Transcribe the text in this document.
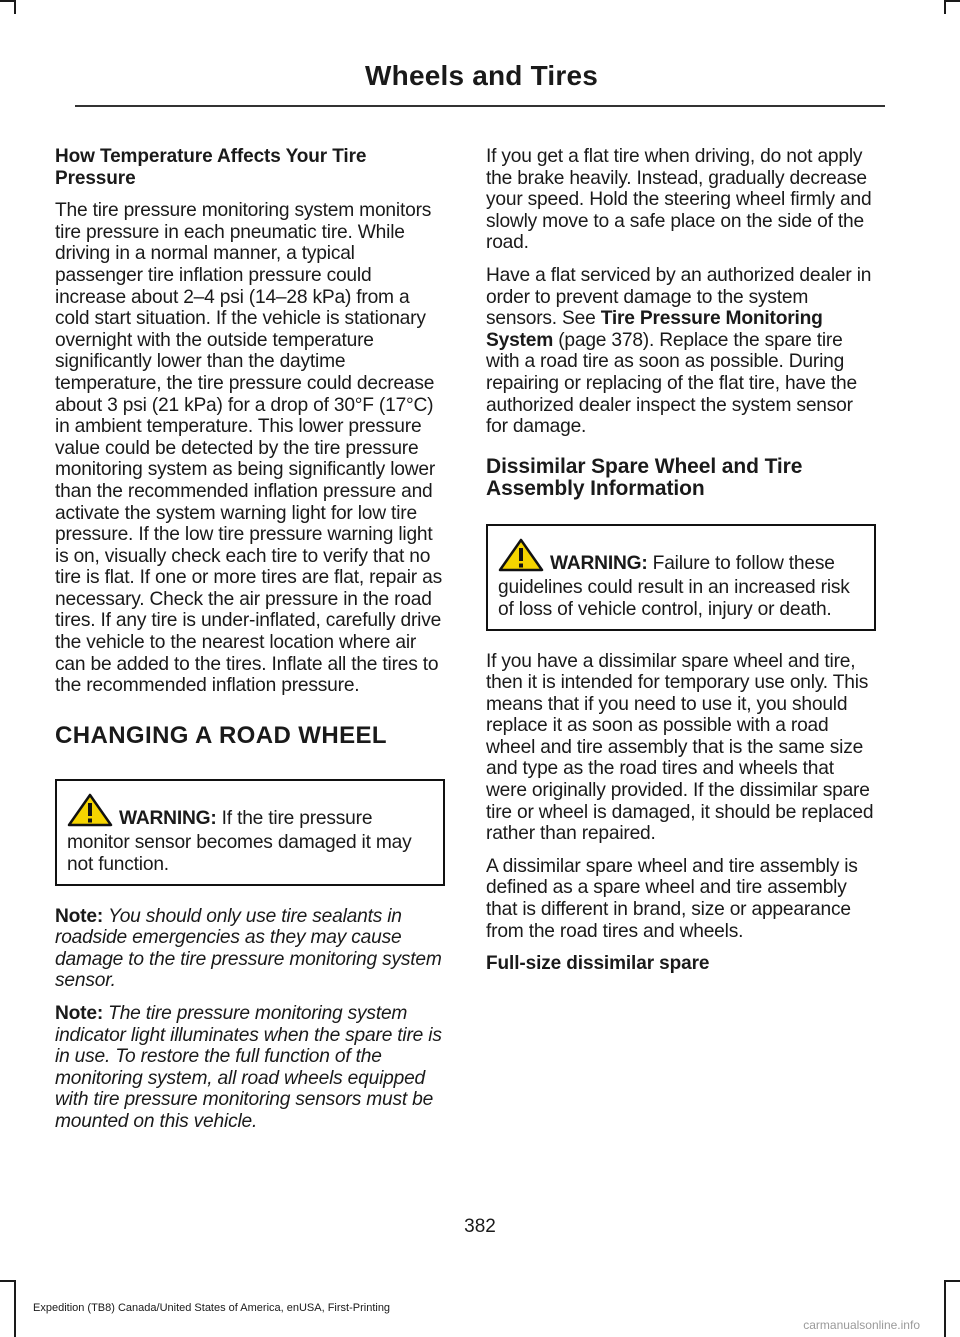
Wheels and Tires
How Temperature Affects Your Tire Pressure

The tire pressure monitoring system monitors tire pressure in each pneumatic tire. While driving in a normal manner, a typical passenger tire inflation pressure could increase about 2–4 psi (14–28 kPa) from a cold start situation. If the vehicle is stationary overnight with the outside temperature significantly lower than the daytime temperature, the tire pressure could decrease about 3 psi (21 kPa) for a drop of 30°F (17°C) in ambient temperature. This lower pressure value could be detected by the tire pressure monitoring system as being significantly lower than the recommended inflation pressure and activate the system warning light for low tire pressure. If the low tire pressure warning light is on, visually check each tire to verify that no tire is flat. If one or more tires are flat, repair as necessary. Check the air pressure in the road tires. If any tire is under-inflated, carefully drive the vehicle to the nearest location where air can be added to the tires. Inflate all the tires to the recommended inflation pressure.

CHANGING A ROAD WHEEL
WARNING: If the tire pressure monitor sensor becomes damaged it may not function.

Note: You should only use tire sealants in roadside emergencies as they may cause damage to the tire pressure monitoring system sensor.

Note: The tire pressure monitoring system indicator light illuminates when the spare tire is in use. To restore the full function of the monitoring system, all road wheels equipped with tire pressure monitoring sensors must be mounted on this vehicle.

If you get a flat tire when driving, do not apply the brake heavily. Instead, gradually decrease your speed. Hold the steering wheel firmly and slowly move to a safe place on the side of the road.

Have a flat serviced by an authorized dealer in order to prevent damage to the system sensors. See Tire Pressure Monitoring System (page 378). Replace the spare tire with a road tire as soon as possible. During repairing or replacing of the flat tire, have the authorized dealer inspect the system sensor for damage.

Dissimilar Spare Wheel and Tire Assembly Information
WARNING: Failure to follow these guidelines could result in an increased risk of loss of vehicle control, injury or death.

If you have a dissimilar spare wheel and tire, then it is intended for temporary use only. This means that if you need to use it, you should replace it as soon as possible with a road wheel and tire assembly that is the same size and type as the road tires and wheels that were originally provided. If the dissimilar spare tire or wheel is damaged, it should be replaced rather than repaired.

A dissimilar spare wheel and tire assembly is defined as a spare wheel and tire assembly that is different in brand, size or appearance from the road tires and wheels.

Full-size dissimilar spare
382
Expedition (TB8) Canada/United States of America, enUSA, First-Printing
carmanualsonline.info
